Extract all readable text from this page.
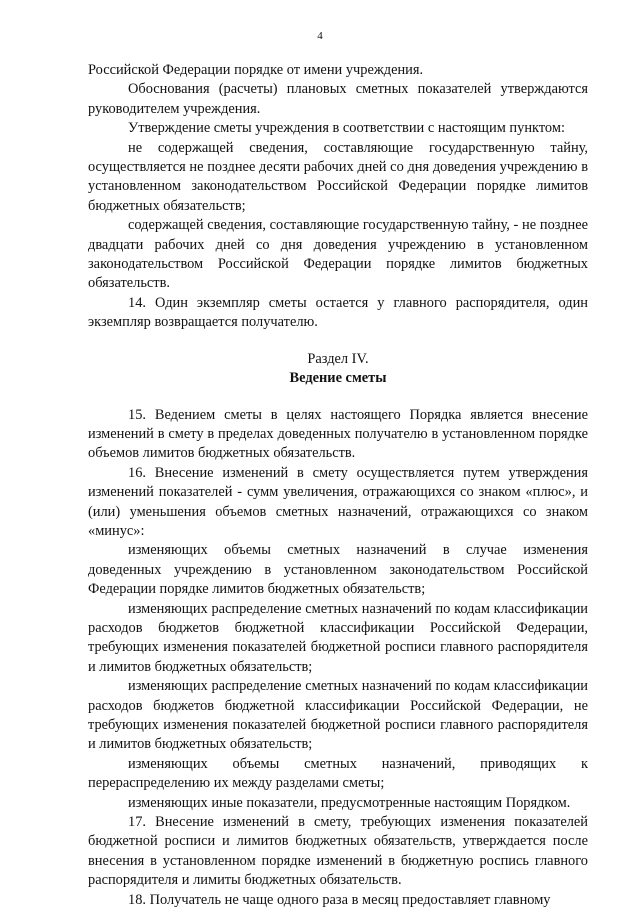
4

Российской Федерации порядке от имени учреждения.

Обоснования (расчеты) плановых сметных показателей утверждаются руководителем учреждения.

Утверждение сметы учреждения в соответствии с настоящим пунктом:

не содержащей сведения, составляющие государственную тайну, осуществляется не позднее десяти рабочих дней со дня доведения учреждению в установленном законодательством Российской Федерации порядке лимитов бюджетных обязательств;

содержащей сведения, составляющие государственную тайну, - не позднее двадцати рабочих дней со дня доведения учреждению в установленном законодательством Российской Федерации порядке лимитов бюджетных обязательств.

14. Один экземпляр сметы остается у главного распорядителя, один экземпляр возвращается получателю.

Раздел IV.
Ведение сметы

15. Ведением сметы в целях настоящего Порядка является внесение изменений в смету в пределах доведенных получателю в установленном порядке объемов лимитов бюджетных обязательств.

16. Внесение изменений в смету осуществляется путем утверждения изменений показателей - сумм увеличения, отражающихся со знаком «плюс», и (или) уменьшения объемов сметных назначений, отражающихся со знаком «минус»:

изменяющих объемы сметных назначений в случае изменения доведенных учреждению в установленном законодательством Российской Федерации порядке лимитов бюджетных обязательств;

изменяющих распределение сметных назначений по кодам классификации расходов бюджетов бюджетной классификации Российской Федерации, требующих изменения показателей бюджетной росписи главного распорядителя и лимитов бюджетных обязательств;

изменяющих распределение сметных назначений по кодам классификации расходов бюджетов бюджетной классификации Российской Федерации, не требующих изменения показателей бюджетной росписи главного распорядителя и лимитов бюджетных обязательств;

изменяющих объемы сметных назначений, приводящих к перераспределению их между разделами сметы;

изменяющих иные показатели, предусмотренные настоящим Порядком.

17. Внесение изменений в смету, требующих изменения показателей бюджетной росписи и лимитов бюджетных обязательств, утверждается после внесения в установленном порядке изменений в бюджетную роспись главного распорядителя и лимиты бюджетных обязательств.

18. Получатель не чаще одного раза в месяц предоставляет главному
